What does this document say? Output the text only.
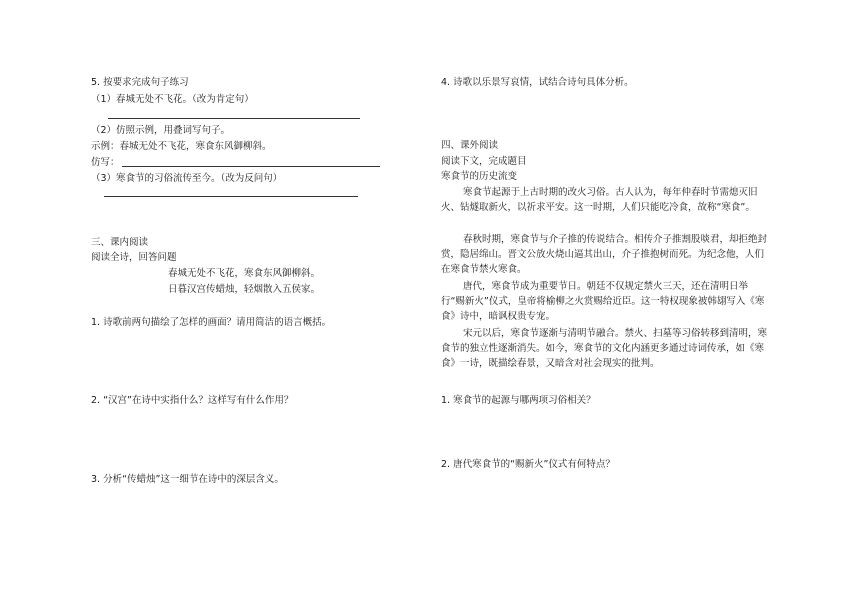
5. 按要求完成句子练习
（1）春城无处不飞花。（改为肯定句）
（2）仿照示例，用叠词写句子。
示例：春城无处不飞花，寒食东风御柳斜。
仿写：
（3）寒食节的习俗流传至今。（改为反问句）
三、课内阅读
阅读全诗，回答问题
春城无处不飞花，寒食东风御柳斜。
日暮汉宫传蜡烛，轻烟散入五侯家。
1. 诗歌前两句描绘了怎样的画面？请用简洁的语言概括。
2. “汉宫”在诗中实指什么？这样写有什么作用？
3. 分析“传蜡烛”这一细节在诗中的深层含义。
4. 诗歌以乐景写哀情，试结合诗句具体分析。
四、课外阅读
阅读下文，完成题目
寒食节的历史流变
寒食节起源于上古时期的改火习俗。古人认为，每年仲春时节需熄灭旧火、钻燧取新火，以祈求平安。这一时期，人们只能吃冷食，故称“寒食”。
春秋时期，寒食节与介子推的传说结合。相传介子推割股啖君，却拒绝封赏，隐居绵山。晋文公放火烧山逼其出山，介子推抱树而死。为纪念他，人们在寒食节禁火寒食。
唐代，寒食节成为重要节日。朝廷不仅规定禁火三天，还在清明日举行“赐新火”仪式，皇帝将榆柳之火赏赐给近臣。这一特权现象被韩翃写入《寒食》诗中，暗讽权贵专宠。
宋元以后，寒食节逐渐与清明节融合。禁火、扫墓等习俗转移到清明，寒食节的独立性逐渐消失。如今，寒食节的文化内涵更多通过诗词传承，如《寒食》一诗，既描绘春景，又暗含对社会现实的批判。
1. 寒食节的起源与哪两项习俗相关？
2. 唐代寒食节的“赐新火”仪式有何特点？
